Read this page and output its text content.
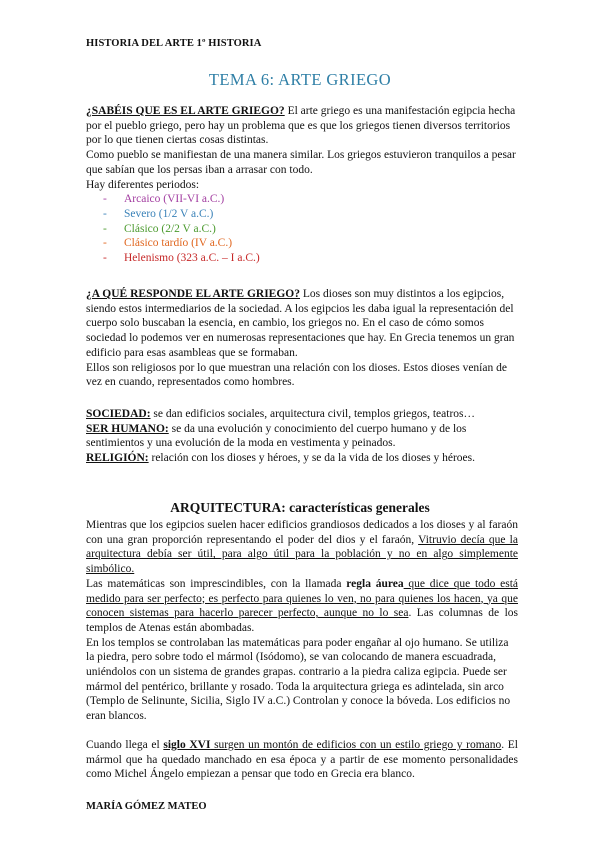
HISTORIA DEL ARTE 1º HISTORIA
TEMA 6: ARTE GRIEGO

¿SABÉIS QUE ES EL ARTE GRIEGO? El arte griego es una manifestación egipcia hecha por el pueblo griego, pero hay un problema que es que los griegos tienen diversos territorios por lo que tienen ciertas cosas distintas.

Como pueblo se manifiestan de una manera similar. Los griegos estuvieron tranquilos a pesar que sabían que los persas iban a arrasar con todo.

Hay diferentes periodos:

- Arcaico (VII-VI a.C.)
- Severo (1/2 V a.C.)
- Clásico (2/2 V a.C.)
- Clásico tardío (IV a.C.)
- Helenismo (323 a.C. – I a.C.)

¿A QUÉ RESPONDE EL ARTE GRIEGO? Los dioses son muy distintos a los egipcios, siendo estos intermediarios de la sociedad. A los egipcios les daba igual la representación del cuerpo solo buscaban la esencia, en cambio, los griegos no. En el caso de cómo somos sociedad lo podemos ver en numerosas representaciones que hay. En Grecia tenemos un gran edificio para esas asambleas que se formaban.

Ellos son religiosos por lo que muestran una relación con los dioses. Estos dioses venían de vez en cuando, representados como hombres.

SOCIEDAD: se dan edificios sociales, arquitectura civil, templos griegos, teatros…

SER HUMANO: se da una evolución y conocimiento del cuerpo humano y de los sentimientos y una evolución de la moda en vestimenta y peinados.

RELIGIÓN: relación con los dioses y héroes, y se da la vida de los dioses y héroes.

ARQUITECTURA: características generales

Mientras que los egipcios suelen hacer edificios grandiosos dedicados a los dioses y al faraón con una gran proporción representando el poder del dios y el faraón, Vitruvio decía que la arquitectura debía ser útil, para algo útil para la población y no en algo simplemente simbólico.

Las matemáticas son imprescindibles, con la llamada regla áurea que dice que todo está medido para ser perfecto; es perfecto para quienes lo ven, no para quienes los hacen, ya que conocen sistemas para hacerlo parecer perfecto, aunque no lo sea. Las columnas de los templos de Atenas están abombadas.

En los templos se controlaban las matemáticas para poder engañar al ojo humano. Se utiliza la piedra, pero sobre todo el mármol (Isódomo), se van colocando de manera escuadrada, uniéndolos con un sistema de grandes grapas. contrario a la piedra caliza egipcia. Puede ser mármol del pentérico, brillante y rosado. Toda la arquitectura griega es adintelada, sin arco (Templo de Selinunte, Sicilia, Siglo IV a.C.) Controlan y conoce la bóveda. Los edificios no eran blancos.

Cuando llega el siglo XVI surgen un montón de edificios con un estilo griego y romano. El mármol que ha quedado manchado en esa época y a partir de ese momento personalidades como Michel Ángelo empiezan a pensar que todo en Grecia era blanco.

MARÍA GÓMEZ MATEO
